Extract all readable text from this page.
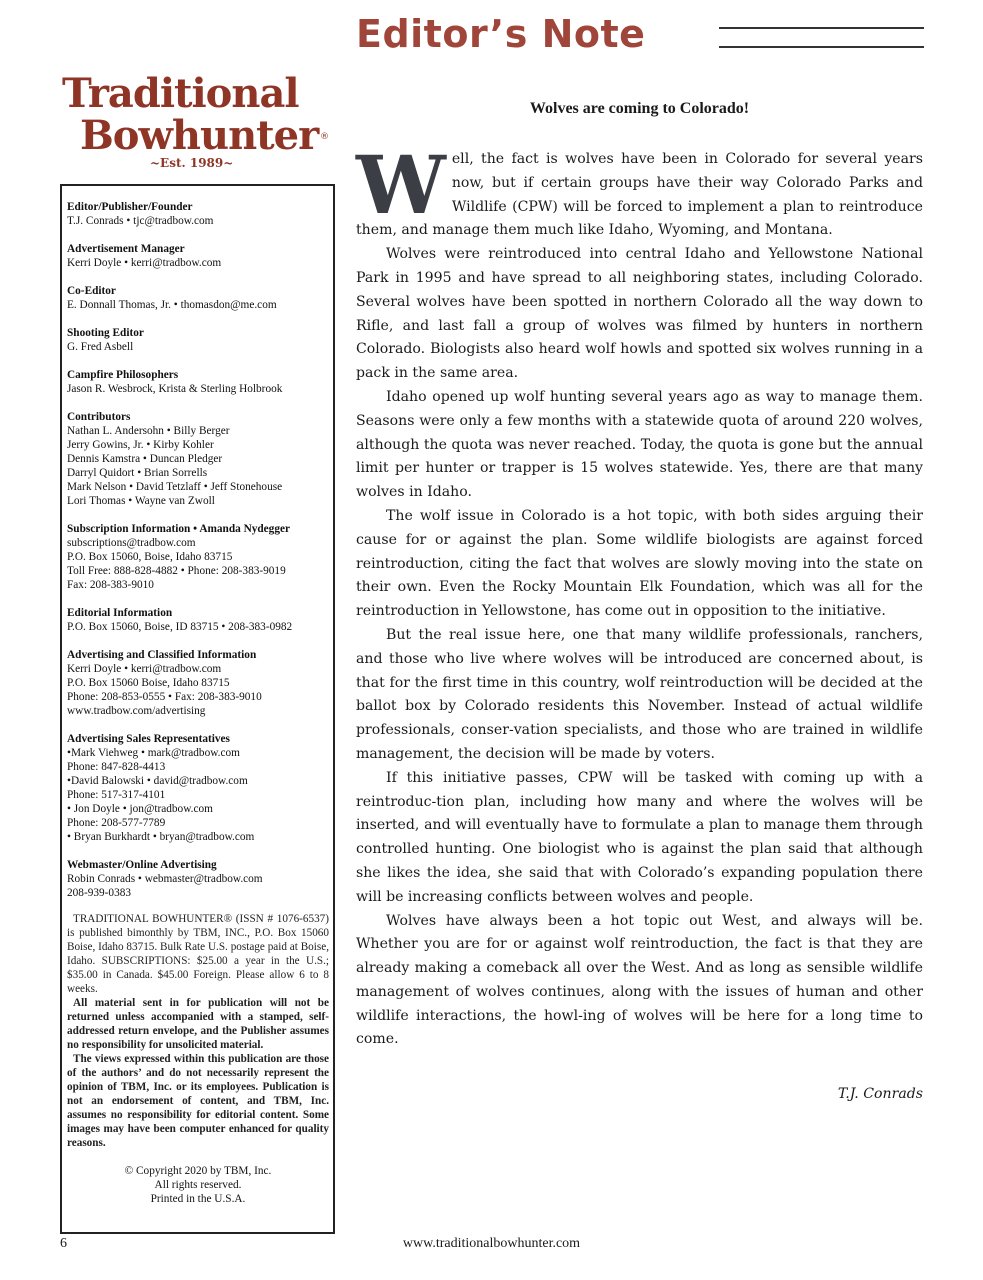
Editor’s Note
Traditional
Bowhunter ®
~Est. 1989~
Editor/Publisher/Founder
T.J. Conrads • tjc@tradbow.com
Advertisement Manager
Kerri Doyle • kerri@tradbow.com
Co-Editor
E. Donnall Thomas, Jr. • thomasdon@me.com
Shooting Editor
G. Fred Asbell
Campfire Philosophers
Jason R. Wesbrock, Krista & Sterling Holbrook
Contributors
Nathan L. Andersohn • Billy Berger
Jerry Gowins, Jr. • Kirby Kohler
Dennis Kamstra • Duncan Pledger
Darryl Quidort • Brian Sorrells
Mark Nelson • David Tetzlaff • Jeff Stonehouse
Lori Thomas • Wayne van Zwoll
Subscription Information • Amanda Nydegger
subscriptions@tradbow.com
P.O. Box 15060, Boise, Idaho 83715
Toll Free: 888-828-4882 • Phone: 208-383-9019
Fax: 208-383-9010
Editorial Information
P.O. Box 15060, Boise, ID 83715 • 208-383-0982
Advertising and Classified Information
Kerri Doyle • kerri@tradbow.com
P.O. Box 15060 Boise, Idaho 83715
Phone: 208-853-0555 • Fax: 208-383-9010
www.tradbow.com/advertising
Advertising Sales Representatives
•Mark Viehweg • mark@tradbow.com
Phone: 847-828-4413
•David Balowski • david@tradbow.com
Phone: 517-317-4101
• Jon Doyle • jon@tradbow.com
Phone: 208-577-7789
• Bryan Burkhardt • bryan@tradbow.com
Webmaster/Online Advertising
Robin Conrads • webmaster@tradbow.com
208-939-0383

TRADITIONAL BOWHUNTER® (ISSN # 1076-6537) is published bimonthly by TBM, INC., P.O. Box 15060 Boise, Idaho 83715. Bulk Rate U.S. postage paid at Boise, Idaho. SUBSCRIPTIONS: $25.00 a year in the U.S.; $35.00 in Canada. $45.00 Foreign. Please allow 6 to 8 weeks.

All material sent in for publication will not be returned unless accompanied with a stamped, self-addressed return envelope, and the Publisher assumes no responsibility for unsolicited material.

The views expressed within this publication are those of the authors’ and do not necessarily represent the opinion of TBM, Inc. or its employees. Publication is not an endorsement of content, and TBM, Inc. assumes no responsibility for editorial content. Some images may have been computer enhanced for quality reasons.

© Copyright 2020 by TBM, Inc.
All rights reserved.
Printed in the U.S.A.
Wolves are coming to Colorado!

Well, the fact is wolves have been in Colorado for several years now, but if certain groups have their way Colorado Parks and Wildlife (CPW) will be forced to implement a plan to reintroduce them, and manage them much like Idaho, Wyoming, and Montana.

Wolves were reintroduced into central Idaho and Yellowstone National Park in 1995 and have spread to all neighboring states, including Colorado. Several wolves have been spotted in northern Colorado all the way down to Rifle, and last fall a group of wolves was filmed by hunters in northern Colorado. Biologists also heard wolf howls and spotted six wolves running in a pack in the same area.

Idaho opened up wolf hunting several years ago as way to manage them. Seasons were only a few months with a statewide quota of around 220 wolves, although the quota was never reached. Today, the quota is gone but the annual limit per hunter or trapper is 15 wolves statewide. Yes, there are that many wolves in Idaho.

The wolf issue in Colorado is a hot topic, with both sides arguing their cause for or against the plan. Some wildlife biologists are against forced reintroduction, citing the fact that wolves are slowly moving into the state on their own. Even the Rocky Mountain Elk Foundation, which was all for the reintroduction in Yellowstone, has come out in opposition to the initiative.

But the real issue here, one that many wildlife professionals, ranchers, and those who live where wolves will be introduced are concerned about, is that for the first time in this country, wolf reintroduction will be decided at the ballot box by Colorado residents this November. Instead of actual wildlife professionals, conser-vation specialists, and those who are trained in wildlife management, the decision will be made by voters.

If this initiative passes, CPW will be tasked with coming up with a reintroduc-tion plan, including how many and where the wolves will be inserted, and will eventually have to formulate a plan to manage them through controlled hunting. One biologist who is against the plan said that although she likes the idea, she said that with Colorado’s expanding population there will be increasing conflicts between wolves and people.

Wolves have always been a hot topic out West, and always will be. Whether you are for or against wolf reintroduction, the fact is that they are already making a comeback all over the West. And as long as sensible wildlife management of wolves continues, along with the issues of human and other wildlife interactions, the howl-ing of wolves will be here for a long time to come.

T.J. Conrads
6	www.traditionalbowhunter.com
